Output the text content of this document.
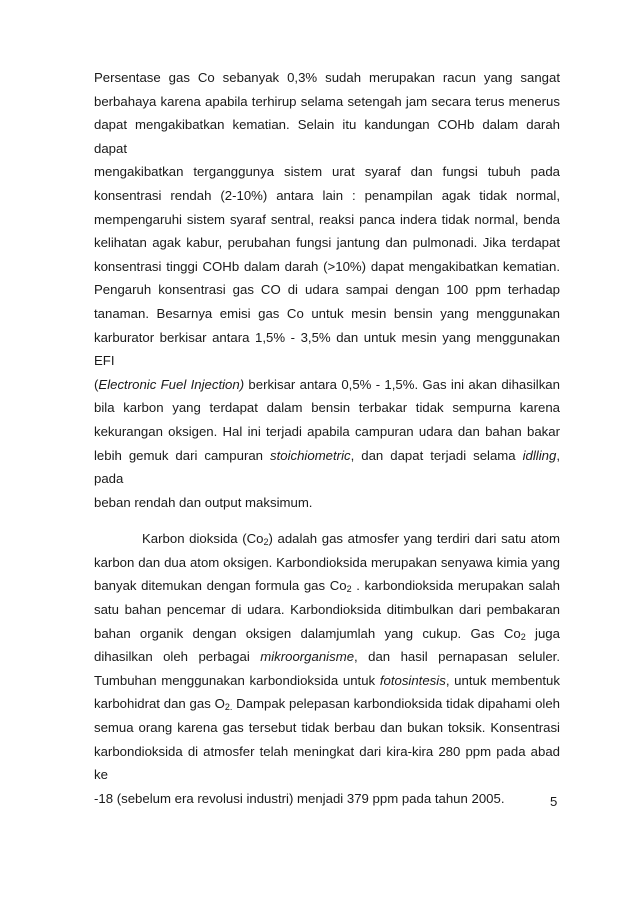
Persentase gas Co sebanyak 0,3% sudah merupakan racun yang sangat
berbahaya karena apabila terhirup selama setengah jam secara terus menerus
dapat mengakibatkan kematian. Selain itu kandungan COHb dalam darah dapat
mengakibatkan terganggunya sistem urat syaraf dan fungsi tubuh pada
konsentrasi rendah (2-10%) antara lain : penampilan agak tidak normal,
mempengaruhi sistem syaraf sentral, reaksi panca indera tidak normal, benda
kelihatan agak kabur, perubahan fungsi jantung dan pulmonadi. Jika terdapat
konsentrasi tinggi COHb dalam darah (>10%) dapat mengakibatkan kematian.
Pengaruh konsentrasi gas CO di udara sampai dengan 100 ppm terhadap
tanaman. Besarnya emisi gas Co untuk mesin bensin yang menggunakan
karburator berkisar antara 1,5% - 3,5% dan untuk mesin yang menggunakan EFI
(Electronic Fuel Injection) berkisar antara 0,5% - 1,5%. Gas ini akan dihasilkan
bila karbon yang terdapat dalam bensin terbakar tidak sempurna karena
kekurangan oksigen. Hal ini terjadi apabila campuran udara dan bahan bakar
lebih gemuk dari campuran stoichiometric, dan dapat terjadi selama idlling, pada
beban rendah dan output maksimum.

Karbon dioksida $(Co_2)$ adalah gas atmosfer yang terdiri dari satu atom
karbon dan dua atom oksigen. Karbondioksida merupakan senyawa kimia yang
banyak ditemukan dengan formula gas $Co_2$ . karbondioksida merupakan salah
satu bahan pencemar di udara. Karbondioksida ditimbulkan dari pembakaran
bahan organik dengan oksigen dalamjumlah yang cukup. Gas $Co_2$ juga
dihasilkan oleh perbagai mikroorganisme, dan hasil pernapasan seluler.
Tumbuhan menggunakan karbondioksida untuk fotosintesis, untuk membentuk
karbohidrat dan gas $O_{2.}$ Dampak pelepasan karbondioksida tidak dipahami oleh
semua orang karena gas tersebut tidak berbau dan bukan toksik. Konsentrasi
karbondioksida di atmosfer telah meningkat dari kira-kira 280 ppm pada abad ke
-18 (sebelum era revolusi industri) menjadi 379 ppm pada tahun 2005.	5
